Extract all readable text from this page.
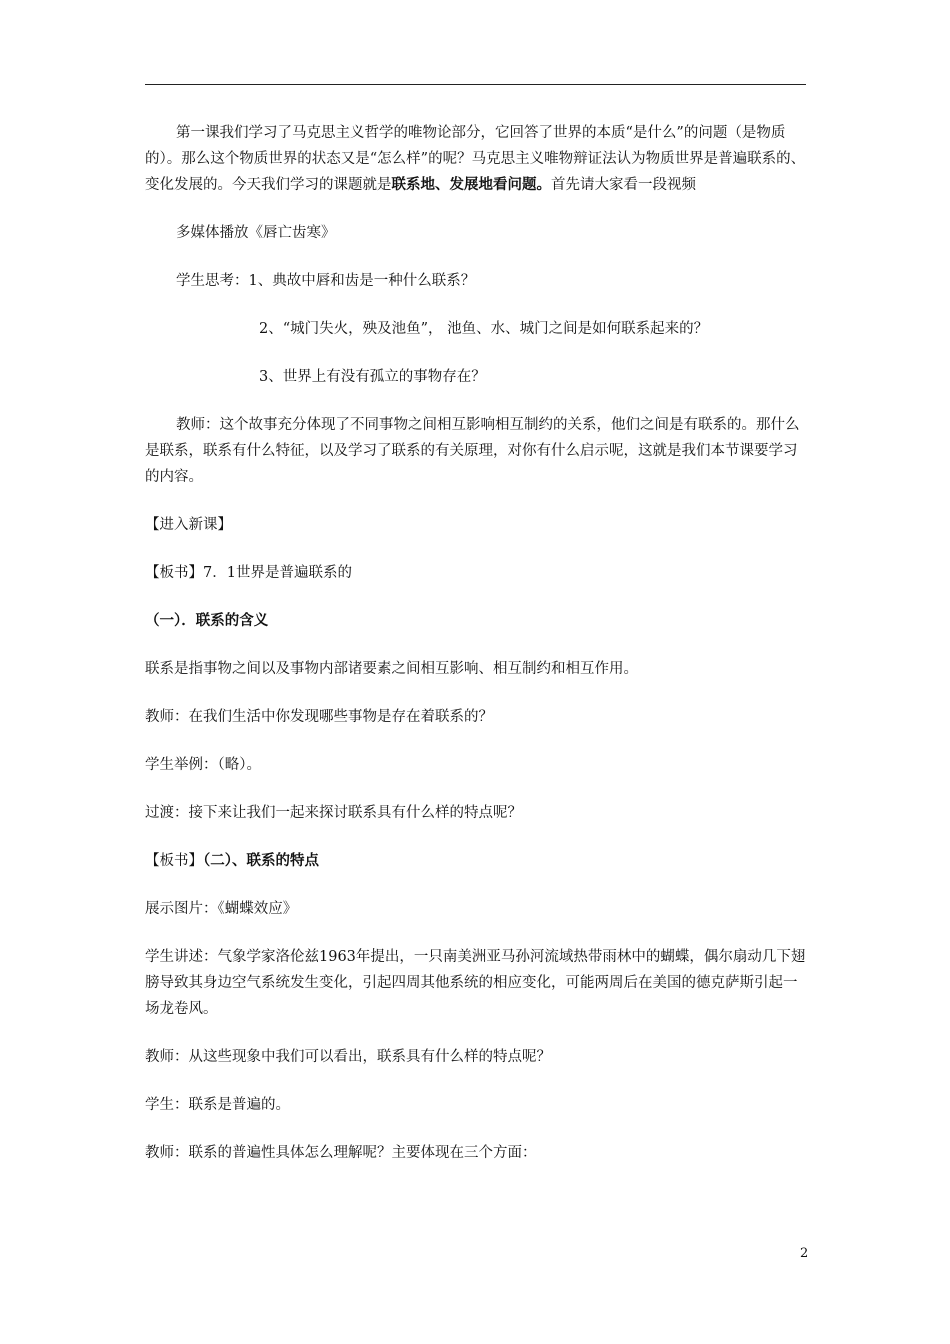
第一课我们学习了马克思主义哲学的唯物论部分，它回答了世界的本质“是什么”的问题（是物质的）。那么这个物质世界的状态又是“怎么样”的呢？马克思主义唯物辩证法认为物质世界是普遍联系的、变化发展的。今天我们学习的课题就是联系地、发展地看问题。首先请大家看一段视频

多媒体播放《唇亡齿寒》

学生思考：1、典故中唇和齿是一种什么联系？

2、“城门失火，殃及池鱼”， 池鱼、水、城门之间是如何联系起来的？

3、世界上有没有孤立的事物存在？

教师：这个故事充分体现了不同事物之间相互影响相互制约的关系，他们之间是有联系的。那什么是联系，联系有什么特征，以及学习了联系的有关原理，对你有什么启示呢，这就是我们本节课要学习的内容。

【进入新课】

【板书】7．1世界是普遍联系的

（一）．联系的含义

联系是指事物之间以及事物内部诸要素之间相互影响、相互制约和相互作用。

教师：在我们生活中你发现哪些事物是存在着联系的？

学生举例：（略）。

过渡：接下来让我们一起来探讨联系具有什么样的特点呢？

【板书】（二）、联系的特点

展示图片：《蝴蝶效应》

学生讲述：气象学家洛伦兹1963年提出，一只南美洲亚马孙河流域热带雨林中的蝴蝶，偶尔扇动几下翅膀导致其身边空气系统发生变化，引起四周其他系统的相应变化，可能两周后在美国的德克萨斯引起一场龙卷风。

教师：从这些现象中我们可以看出，联系具有什么样的特点呢？

学生：联系是普遍的。

教师：联系的普遍性具体怎么理解呢？主要体现在三个方面：

2
